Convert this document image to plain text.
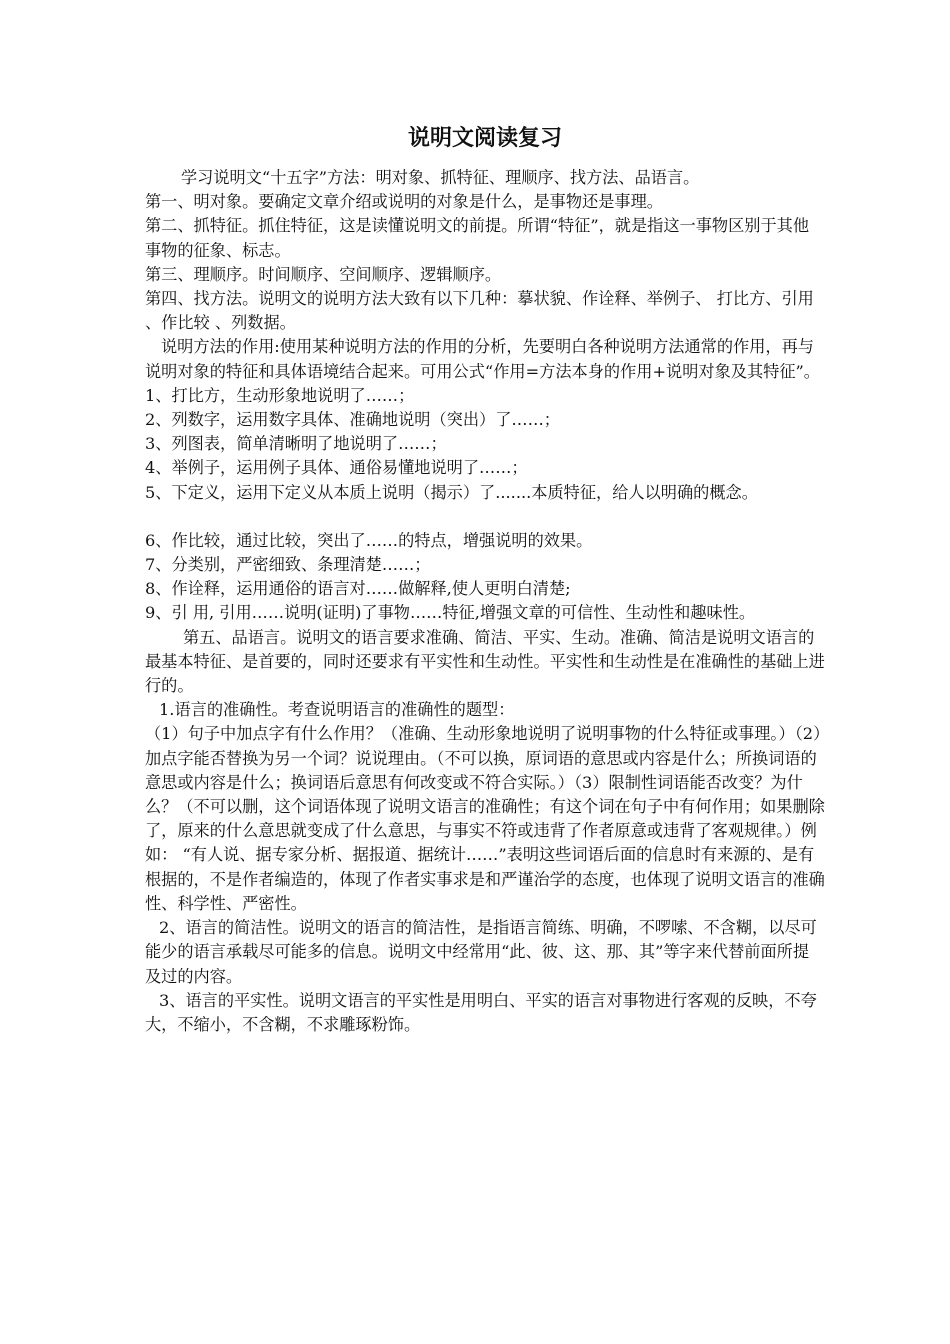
说明文阅读复习

学习说明文“十五字”方法：明对象、抓特征、理顺序、找方法、品语言。

第一、明对象。要确定文章介绍或说明的对象是什么，是事物还是事理。

第二、抓特征。抓住特征，这是读懂说明文的前提。所谓“特征”，就是指这一事物区别于其他事物的征象、标志。

第三、理顺序。时间顺序、空间顺序、逻辑顺序。

第四、找方法。说明文的说明方法大致有以下几种：摹状貌、作诠释、举例子、 打比方、引用 、作比较 、列数据。

说明方法的作用:使用某种说明方法的作用的分析，先要明白各种说明方法通常的作用，再与说明对象的特征和具体语境结合起来。可用公式“作用=方法本身的作用+说明对象及其特征”。

1、打比方，生动形象地说明了……；

2、列数字，运用数字具体、准确地说明（突出）了……；

3、列图表，简单清晰明了地说明了……；

4、举例子，运用例子具体、通俗易懂地说明了……；

5、下定义，运用下定义从本质上说明（揭示）了.......本质特征，给人以明确的概念。

6、作比较，通过比较，突出了……的特点，增强说明的效果。

7、分类别，严密细致、条理清楚……；

8、作诠释，运用通俗的语言对……做解释,使人更明白清楚;

9、引 用, 引用……说明(证明)了事物……特征,增强文章的可信性、生动性和趣味性。

第五、品语言。说明文的语言要求准确、简洁、平实、生动。准确、简洁是说明文语言的最基本特征、是首要的，同时还要求有平实性和生动性。平实性和生动性是在准确性的基础上进行的。

1.语言的准确性。考查说明语言的准确性的题型：

（1）句子中加点字有什么作用？（准确、生动形象地说明了说明事物的什么特征或事理。）（2）加点字能否替换为另一个词？说说理由。（不可以换，原词语的意思或内容是什么；所换词语的意思或内容是什么；换词语后意思有何改变或不符合实际。）（3）限制性词语能否改变？为什么？（不可以删，这个词语体现了说明文语言的准确性；有这个词在句子中有何作用；如果删除了，原来的什么意思就变成了什么意思，与事实不符或违背了作者原意或违背了客观规律。）例如： “有人说、据专家分析、据报道、据统计……”表明这些词语后面的信息时有来源的、是有根据的，不是作者编造的，体现了作者实事求是和严谨治学的态度，也体现了说明文语言的准确性、科学性、严密性。

2、语言的简洁性。说明文的语言的简洁性，是指语言简练、明确，不啰嗦、不含糊，以尽可能少的语言承载尽可能多的信息。说明文中经常用“此、彼、这、那、其”等字来代替前面所提及过的内容。

3、语言的平实性。说明文语言的平实性是用明白、平实的语言对事物进行客观的反映，不夸大，不缩小，不含糊，不求雕琢粉饰。
